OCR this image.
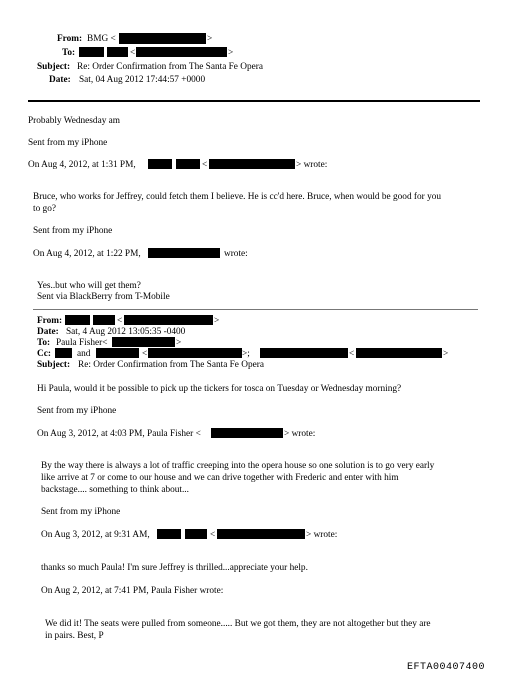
From: BMG <	>
To:	<	>
Subject: Re: Order Confirmation from The Santa Fe Opera
Date: Sat, 04 Aug 2012 17:44:57 +0000
Probably Wednesday am
Sent from my iPhone
On Aug 4, 2012, at 1:31 PM,	<	> wrote:
Bruce, who works for Jeffrey, could fetch them I believe. He is cc'd here. Bruce, when would be good for you
to go?
Sent from my iPhone
On Aug 4, 2012, at 1:22 PM,	wrote:
Yes..but who will get them?
Sent via BlackBerry from T-Mobile
From:	<	>
Date: Sat, 4 Aug 2012 13:05:35 -0400
To: Paula Fisher<	>
Cc:	and	<	>;	<	>
Subject: Re: Order Confirmation from The Santa Fe Opera
Hi Paula, would it be possible to pick up the tickers for tosca on Tuesday or Wednesday morning?
Sent from my iPhone
On Aug 3, 2012, at 4:03 PM, Paula Fisher <	> wrote:
By the way there is always a lot of traffic creeping into the opera house so one solution is to go very early
like arrive at 7 or come to our house and we can drive together with Frederic and enter with him
backstage.... something to think about...
Sent from my iPhone
On Aug 3, 2012, at 9:31 AM,	<	> wrote:
thanks so much Paula! I'm sure Jeffrey is thrilled...appreciate your help.
On Aug 2, 2012, at 7:41 PM, Paula Fisher wrote:
We did it! The seats were pulled from someone..... But we got them, they are not altogether but they are
in pairs. Best, P
EFTA00407400
